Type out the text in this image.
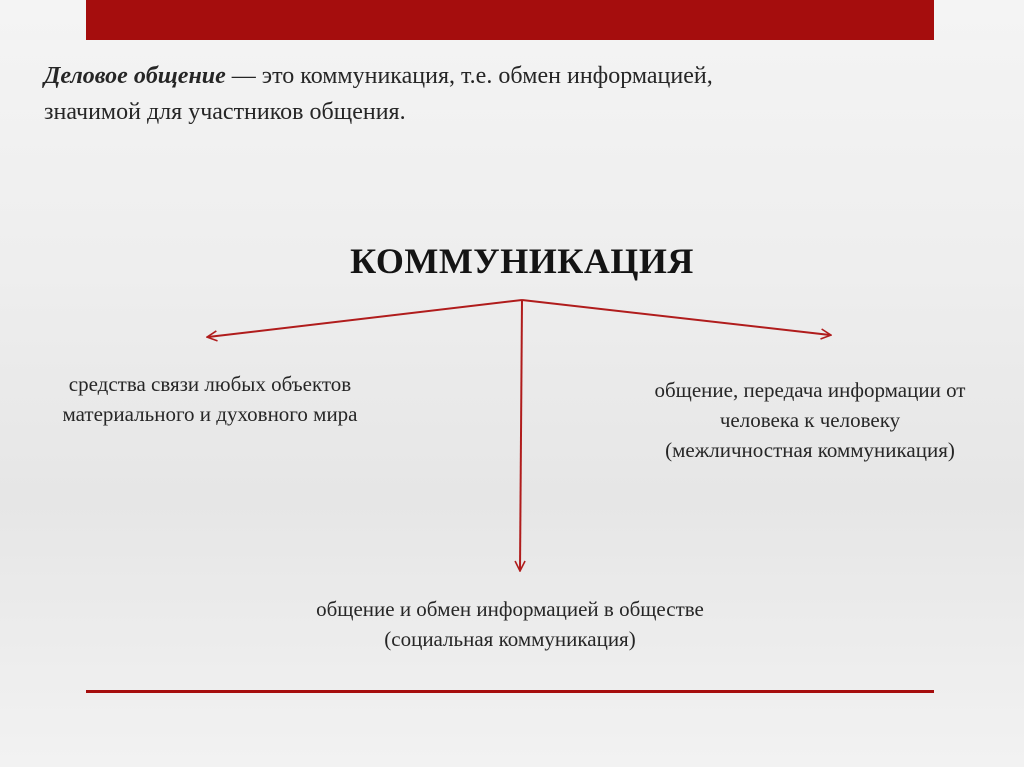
Деловое общение — это коммуникация, т.е. обмен информацией,
значимой для участников общения.
КОММУНИКАЦИЯ
средства связи любых объектов
материального и духовного мира
общение, передача информации от
человека к человеку
(межличностная коммуникация)
общение и обмен информацией в обществе
(социальная коммуникация)
